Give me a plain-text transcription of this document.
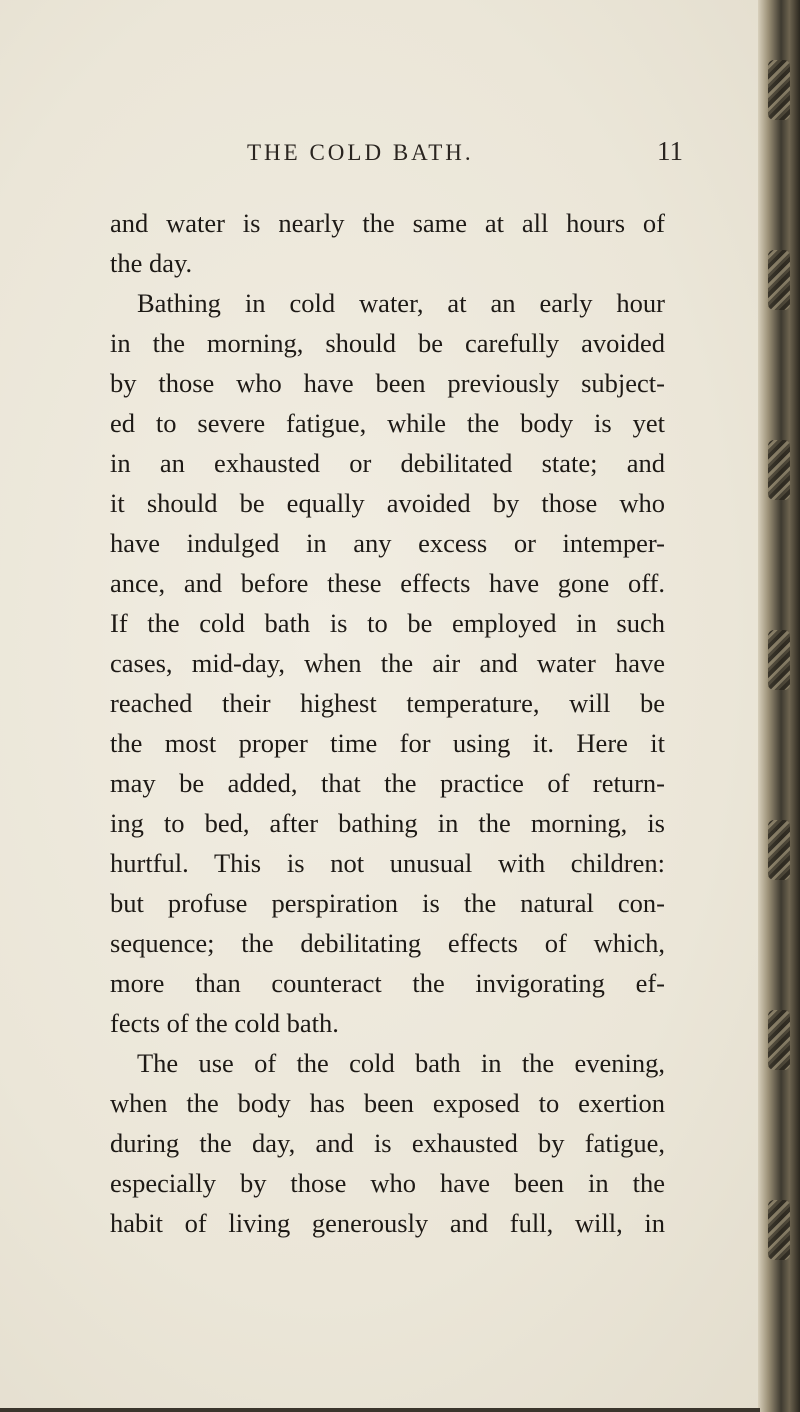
THE COLD BATH.	11
and water is nearly the same at all hours of
the day.
Bathing in cold water, at an early hour
in the morning, should be carefully avoided
by those who have been previously subject-
ed to severe fatigue, while the body is yet
in an exhausted or debilitated state; and
it should be equally avoided by those who
have indulged in any excess or intemper-
ance, and before these effects have gone off.
If the cold bath is to be employed in such
cases, mid-day, when the air and water have
reached their highest temperature, will be
the most proper time for using it. Here it
may be added, that the practice of return-
ing to bed, after bathing in the morning, is
hurtful. This is not unusual with children:
but profuse perspiration is the natural con-
sequence; the debilitating effects of which,
more than counteract the invigorating ef-
fects of the cold bath.
The use of the cold bath in the evening,
when the body has been exposed to exertion
during the day, and is exhausted by fatigue,
especially by those who have been in the
habit of living generously and full, will, in
